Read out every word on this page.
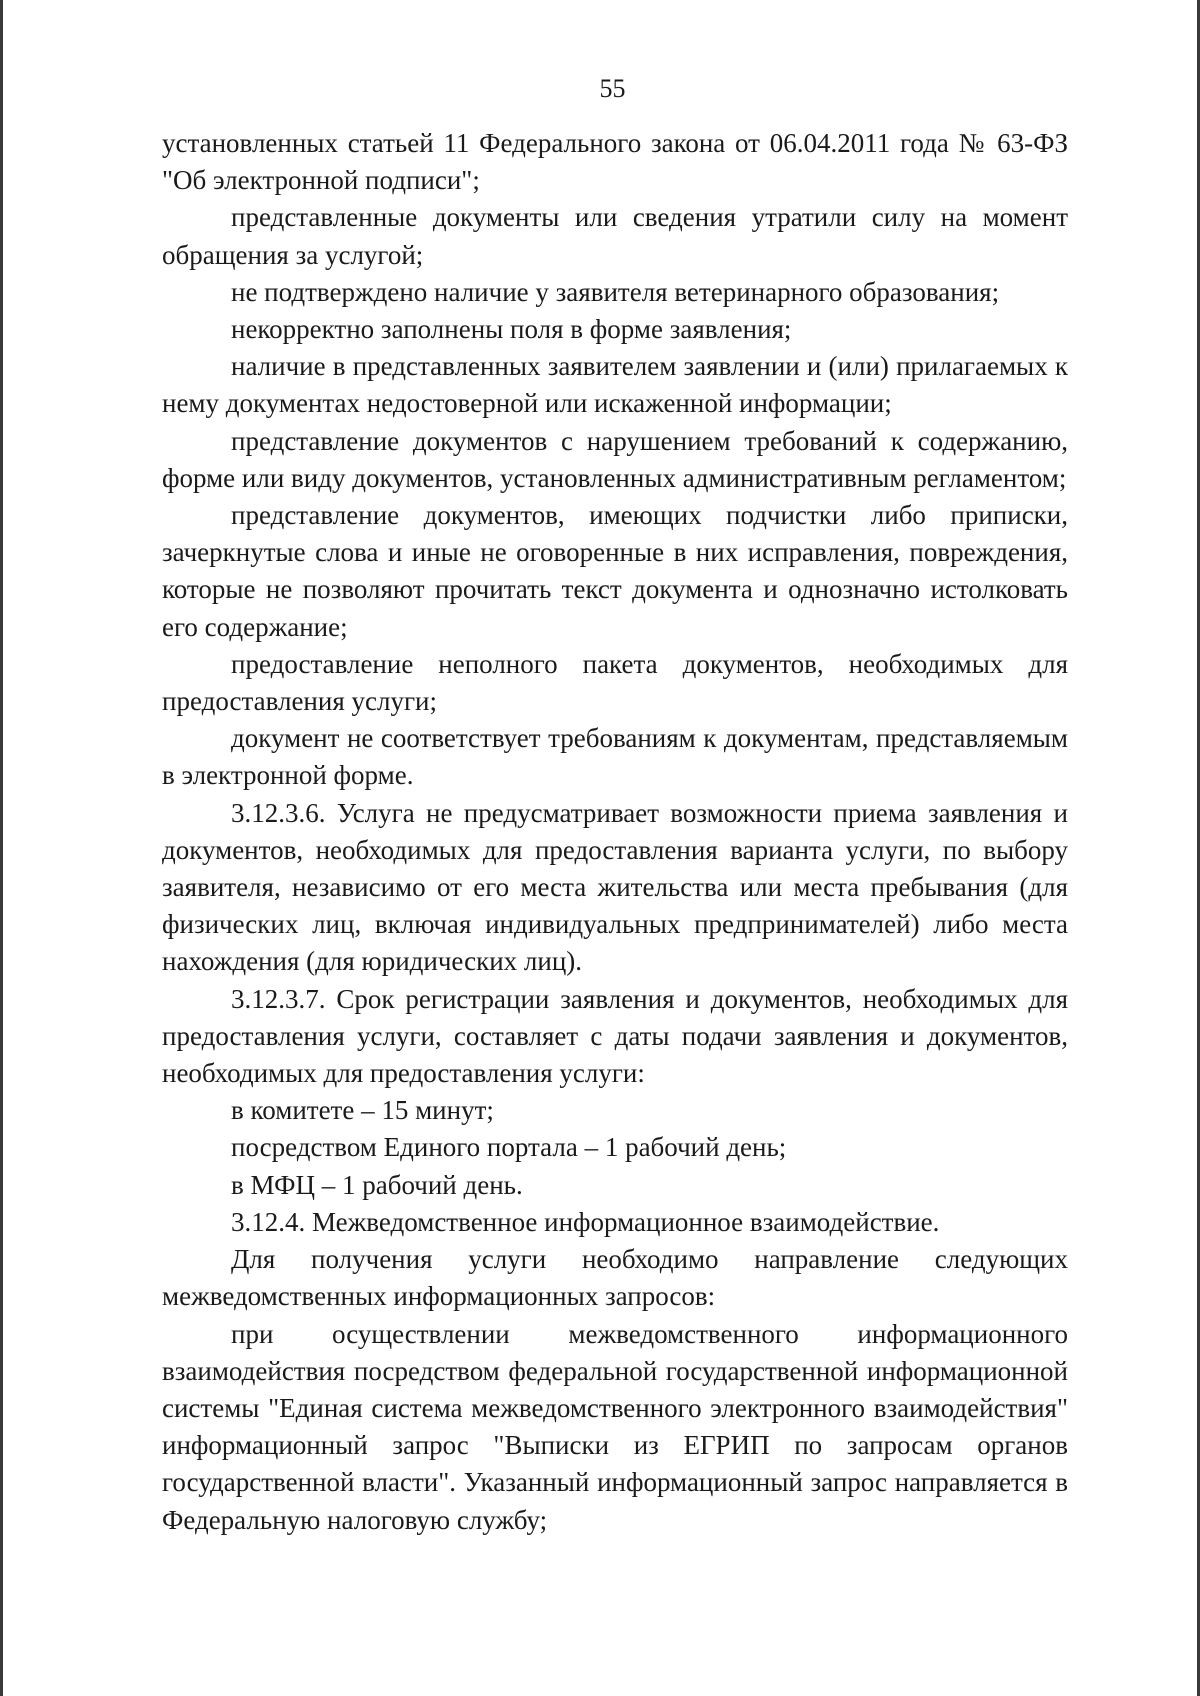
55

установленных статьей 11 Федерального закона от 06.04.2011 года № 63-ФЗ "Об электронной подписи";

представленные документы или сведения утратили силу на момент обращения за услугой;

не подтверждено наличие у заявителя ветеринарного образования;

некорректно заполнены поля в форме заявления;

наличие в представленных заявителем заявлении и (или) прилагаемых к нему документах недостоверной или искаженной информации;

представление документов с нарушением требований к содержанию, форме или виду документов, установленных административным регламентом;

представление документов, имеющих подчистки либо приписки, зачеркнутые слова и иные не оговоренные в них исправления, повреждения, которые не позволяют прочитать текст документа и однозначно истолковать его содержание;

предоставление неполного пакета документов, необходимых для предоставления услуги;

документ не соответствует требованиям к документам, представляемым в электронной форме.

3.12.3.6. Услуга не предусматривает возможности приема заявления и документов, необходимых для предоставления варианта услуги, по выбору заявителя, независимо от его места жительства или места пребывания (для физических лиц, включая индивидуальных предпринимателей) либо места нахождения (для юридических лиц).

3.12.3.7. Срок регистрации заявления и документов, необходимых для предоставления услуги, составляет с даты подачи заявления и документов, необходимых для предоставления услуги:

в комитете – 15 минут;

посредством Единого портала – 1 рабочий день;

в МФЦ – 1 рабочий день.

3.12.4. Межведомственное информационное взаимодействие.

Для получения услуги необходимо направление следующих межведомственных информационных запросов:

при осуществлении межведомственного информационного взаимодействия посредством федеральной государственной информационной системы "Единая система межведомственного электронного взаимодействия" информационный запрос "Выписки из ЕГРИП по запросам органов государственной власти". Указанный информационный запрос направляется в Федеральную налоговую службу;
